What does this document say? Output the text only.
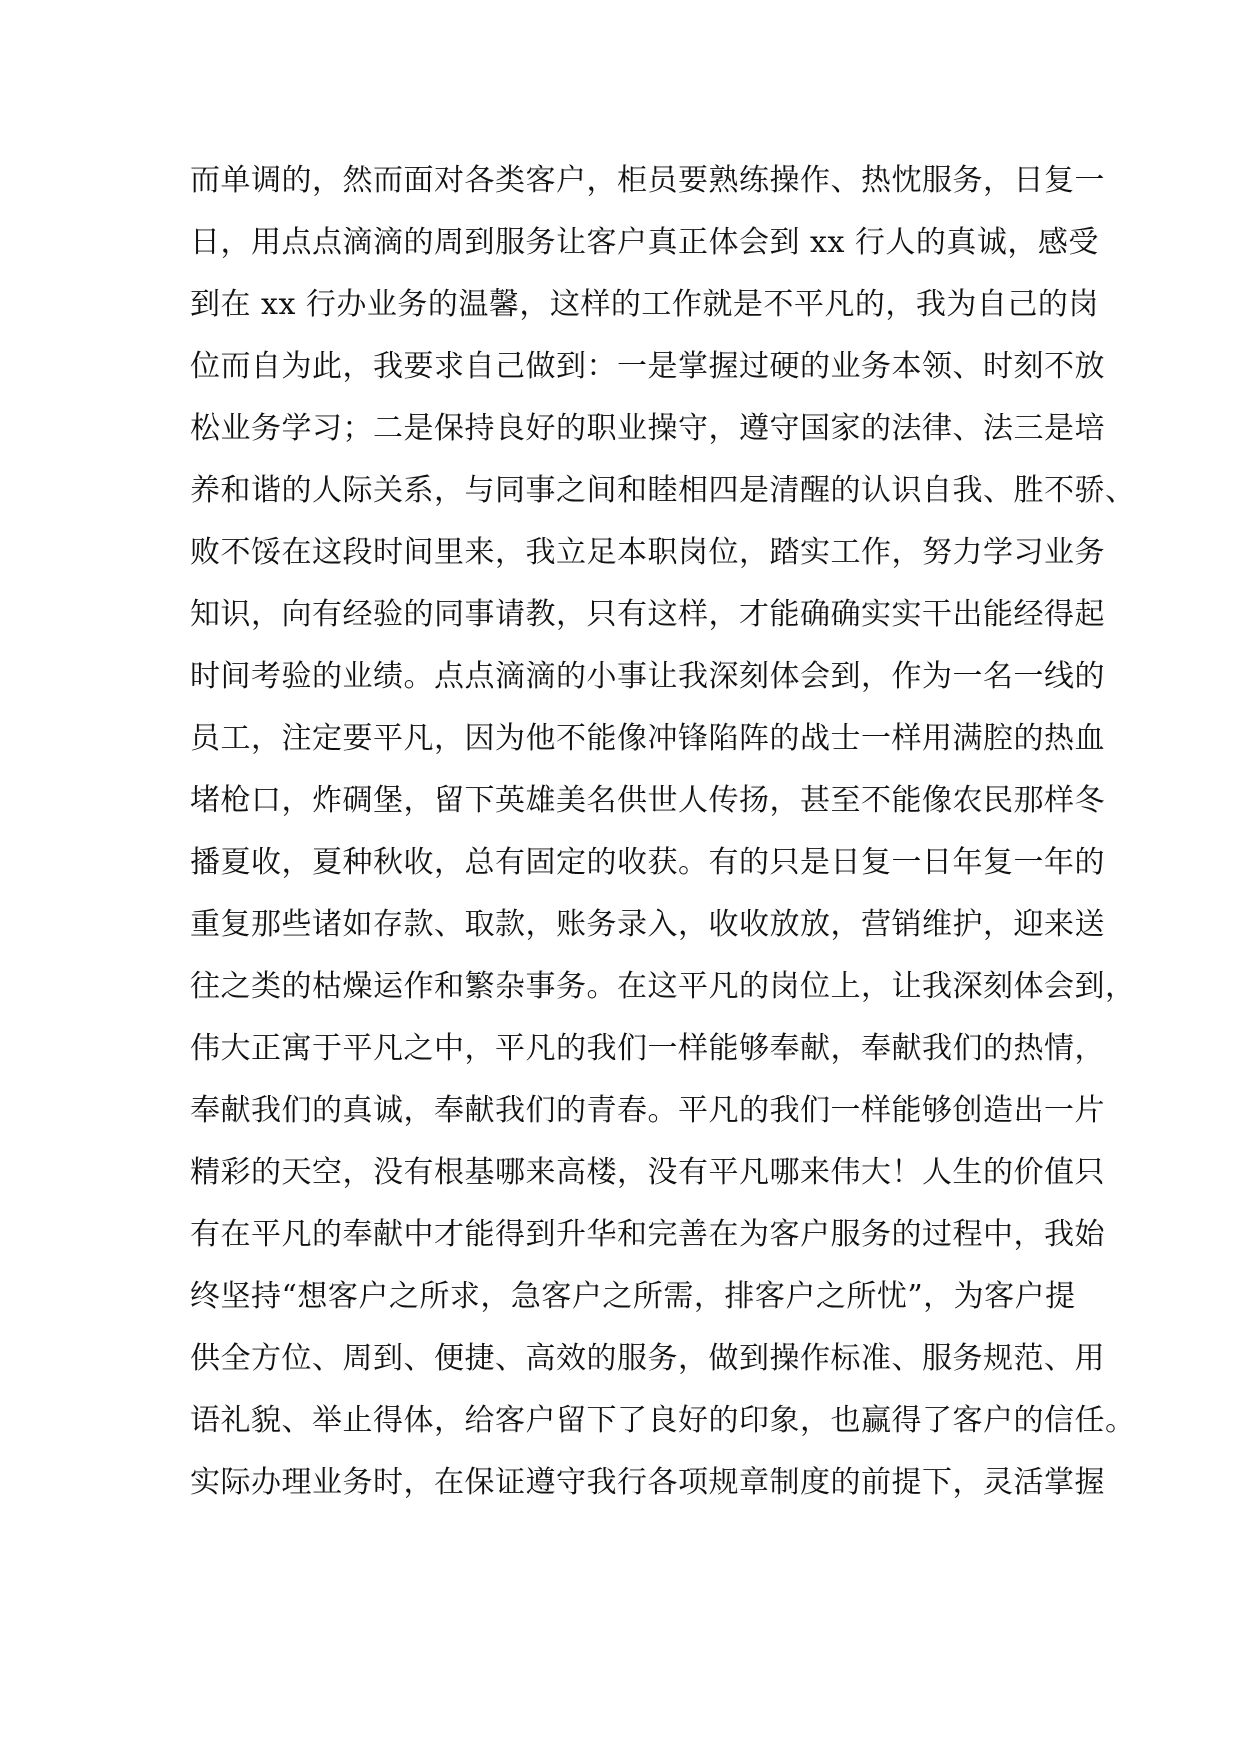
而单调的，然而面对各类客户，柜员要熟练操作、热忱服务，日复一
日，用点点滴滴的周到服务让客户真正体会到 xx 行人的真诚，感受
到在 xx 行办业务的温馨，这样的工作就是不平凡的，我为自己的岗
位而自为此，我要求自己做到：一是掌握过硬的业务本领、时刻不放
松业务学习；二是保持良好的职业操守，遵守国家的法律、法三是培
养和谐的人际关系，与同事之间和睦相四是清醒的认识自我、胜不骄、
败不馁在这段时间里来，我立足本职岗位，踏实工作，努力学习业务
知识，向有经验的同事请教，只有这样，才能确确实实干出能经得起
时间考验的业绩。点点滴滴的小事让我深刻体会到，作为一名一线的
员工，注定要平凡，因为他不能像冲锋陷阵的战士一样用满腔的热血
堵枪口，炸碉堡，留下英雄美名供世人传扬，甚至不能像农民那样冬
播夏收，夏种秋收，总有固定的收获。有的只是日复一日年复一年的
重复那些诸如存款、取款，账务录入，收收放放，营销维护，迎来送
往之类的枯燥运作和繁杂事务。在这平凡的岗位上，让我深刻体会到，
伟大正寓于平凡之中，平凡的我们一样能够奉献，奉献我们的热情，
奉献我们的真诚，奉献我们的青春。平凡的我们一样能够创造出一片
精彩的天空，没有根基哪来高楼，没有平凡哪来伟大！人生的价值只
有在平凡的奉献中才能得到升华和完善在为客户服务的过程中，我始
终坚持“想客户之所求，急客户之所需，排客户之所忧”，为客户提
供全方位、周到、便捷、高效的服务，做到操作标准、服务规范、用
语礼貌、举止得体，给客户留下了良好的印象，也赢得了客户的信任。
实际办理业务时，在保证遵守我行各项规章制度的前提下，灵活掌握
